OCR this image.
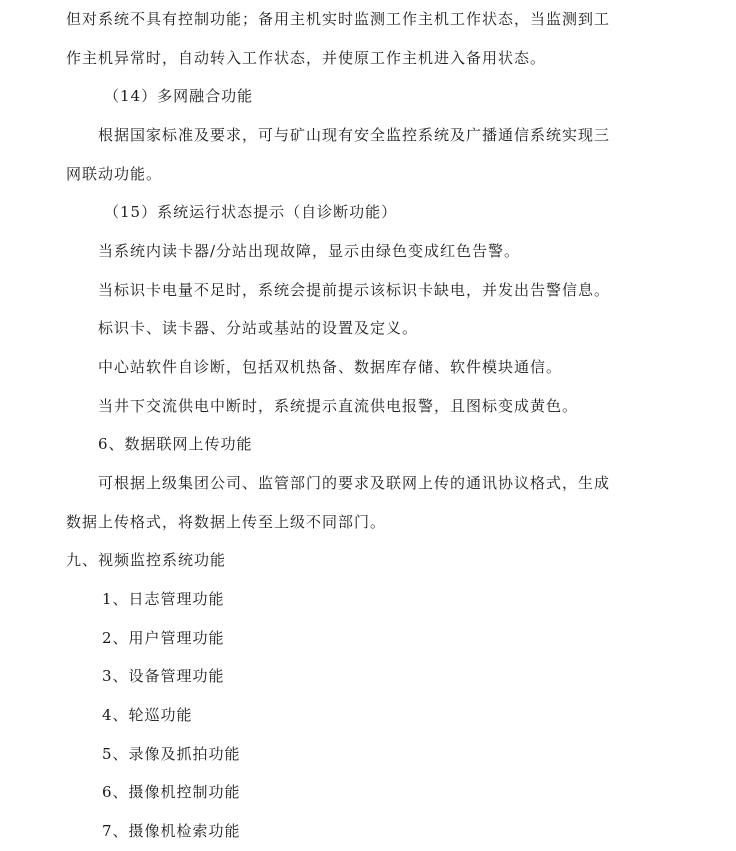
但对系统不具有控制功能；备用主机实时监测工作主机工作状态，当监测到工
作主机异常时，自动转入工作状态，并使原工作主机进入备用状态。
（14）多网融合功能
根据国家标准及要求，可与矿山现有安全监控系统及广播通信系统实现三
网联动功能。
（15）系统运行状态提示（自诊断功能）
当系统内读卡器/分站出现故障，显示由绿色变成红色告警。
当标识卡电量不足时，系统会提前提示该标识卡缺电，并发出告警信息。
标识卡、读卡器、分站或基站的设置及定义。
中心站软件自诊断，包括双机热备、数据库存储、软件模块通信。
当井下交流供电中断时，系统提示直流供电报警，且图标变成黄色。
6、数据联网上传功能
可根据上级集团公司、监管部门的要求及联网上传的通讯协议格式，生成
数据上传格式，将数据上传至上级不同部门。
九、视频监控系统功能
1、日志管理功能
2、用户管理功能
3、设备管理功能
4、轮巡功能
5、录像及抓拍功能
6、摄像机控制功能
7、摄像机检索功能
